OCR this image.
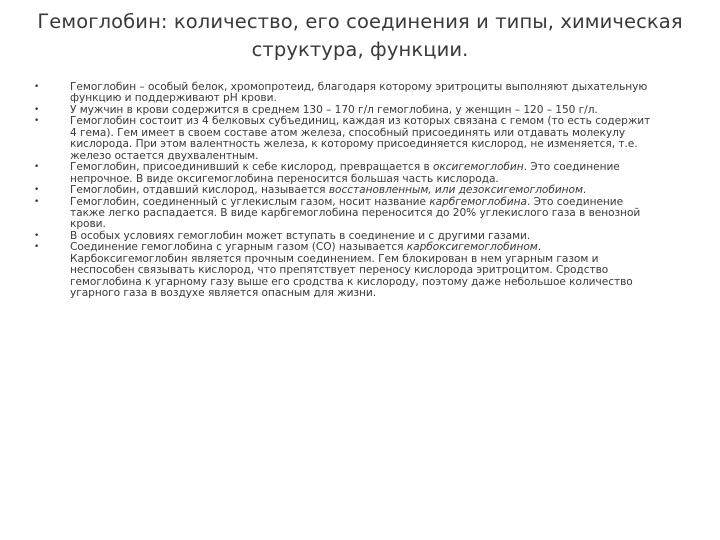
Гемоглобин: количество, его соединения и типы, химическая структура, функции.
•	Гемоглобин – особый белок, хромопротеид, благодаря которому эритроциты выполняют дыхательную функцию и поддерживают pH крови.
•	У мужчин в крови содержится в среднем 130 – 170 г/л гемоглобина, у женщин – 120 – 150 г/л.
•	Гемоглобин состоит из 4 белковых субъединиц, каждая из которых связана с гемом (то есть содержит 4 гема). Гем имеет в своем составе атом железа, способный присоединять или отдавать молекулу кислорода. При этом валентность железа, к которому присоединяется кислород, не изменяется, т.е. железо остается двухвалентным.
•	Гемоглобин, присоединивший к себе кислород, превращается в оксигемоглобин. Это соединение непрочное. В виде оксигемоглобина переносится большая часть кислорода.
•	Гемоглобин, отдавший кислород, называется восстановленным, или дезоксигемоглобином.
•	Гемоглобин, соединенный с углекислым газом, носит название карбгемоглобина. Это соединение также легко распадается. В виде карбгемоглобина переносится до 20% углекислого газа в венозной крови.
•	В особых условиях гемоглобин может вступать в соединение и с другими газами.
•	Соединение гемоглобина с угарным газом (СО) называется карбоксигемоглобином. Карбоксигемоглобин является прочным соединением. Гем блокирован в нем угарным газом и неспособен связывать кислород, что препятствует переносу кислорода эритроцитом. Сродство гемоглобина к угарному газу выше его сродства к кислороду, поэтому даже небольшое количество угарного газа в воздухе является опасным для жизни.
